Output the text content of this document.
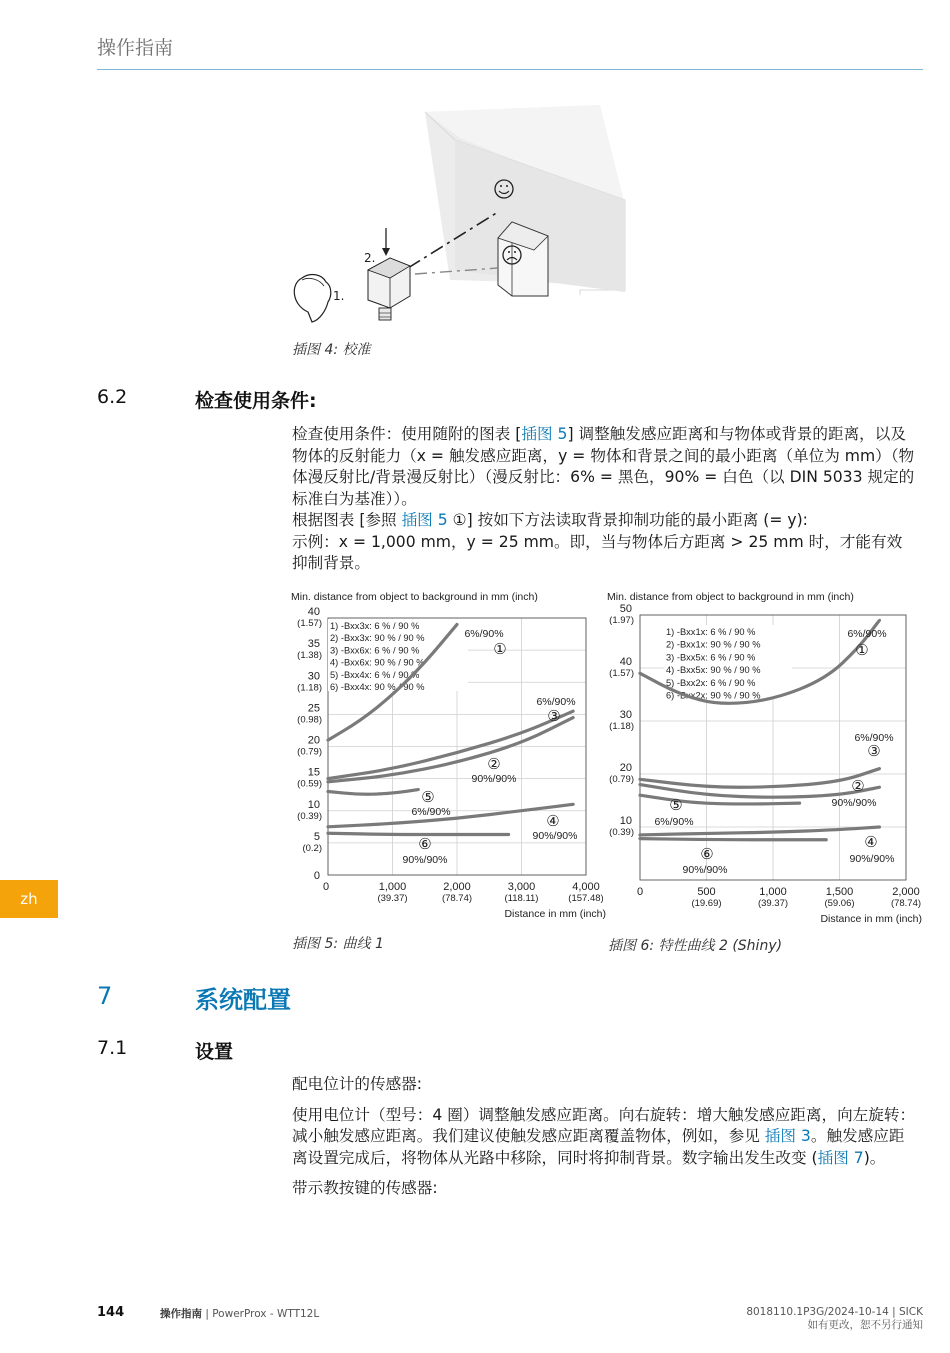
操作指南
2.
1.
插图 4: 校准
6.2	检查使用条件:

检查使用条件：使用随附的图表 [插图 5] 调整触发感应距离和与物体或背景的距离，以及物体的反射能力（x = 触发感应距离，y = 物体和背景之间的最小距离（单位为 mm）（物体漫反射比/背景漫反射比）（漫反射比：6% = 黑色，90% = 白色（以 DIN 5033 规定的标准白为基准））。

根据图表 [参照 插图 5 ①] 按如下方法读取背景抑制功能的最小距离 (= y):

示例：x = 1,000 mm，y = 25 mm。即，当与物体后方距离 > 25 mm 时，才能有效抑制背景。

Min. distance from object to background in mm (inch)
0	1,000
(39.37)
2,000
(78.74)
3,000
(118.11)
4,000
(157.48)
0
5
(0.2)
10
(0.39)
15
(0.59)
20
(0.79)
25
(0.98)
30
(1.18)
35
(1.38)
40
(1.57)
Distance in mm (inch)
1) -Bxx3x: 6 % / 90 %
2) -Bxx3x: 90 % / 90 %
3) -Bxx6x: 6 % / 90 %
4) -Bxx6x: 90 % / 90 %
5) -Bxx4x: 6 % / 90 %
6) -Bxx4x: 90 % / 90 %
①
6%/90%
②
90%/90%
③
6%/90%
④
90%/90%
⑤
6%/90%
⑥
90%/90%
插图 5: 曲线 1
Min. distance from object to background in mm (inch)
0	500
(19.69)
1,000
(39.37)
1,500
(59.06)
2,000
(78.74)
10
(0.39)
20
(0.79)
30
(1.18)
40
(1.57)
50
(1.97)
Distance in mm (inch)
1) -Bxx1x: 6 % / 90 %
2) -Bxx1x: 90 % / 90 %
3) -Bxx5x: 6 % / 90 %
4) -Bxx5x: 90 % / 90 %
5) -Bxx2x: 6 % / 90 %
6) -Bxx2x: 90 % / 90 %
①
6%/90%
②
90%/90%
③
6%/90%
④
90%/90%
⑤
6%/90%
⑥
90%/90%
插图 6: 特性曲线 2 (Shiny)
7	系统配置
7.1	设置

配电位计的传感器:

使用电位计（型号：4 圈）调整触发感应距离。向右旋转：增大触发感应距离，向左旋转：减小触发感应距离。我们建议使触发感应距离覆盖物体，例如，参见 插图 3。触发感应距离设置完成后，将物体从光路中移除，同时将抑制背景。数字输出发生改变 (插图 7)。

带示教按键的传感器:

zh
144	操作指南 | PowerProx - WTT12L	8018110.1P3G/2024-10-14 | SICK
如有更改，恕不另行通知
